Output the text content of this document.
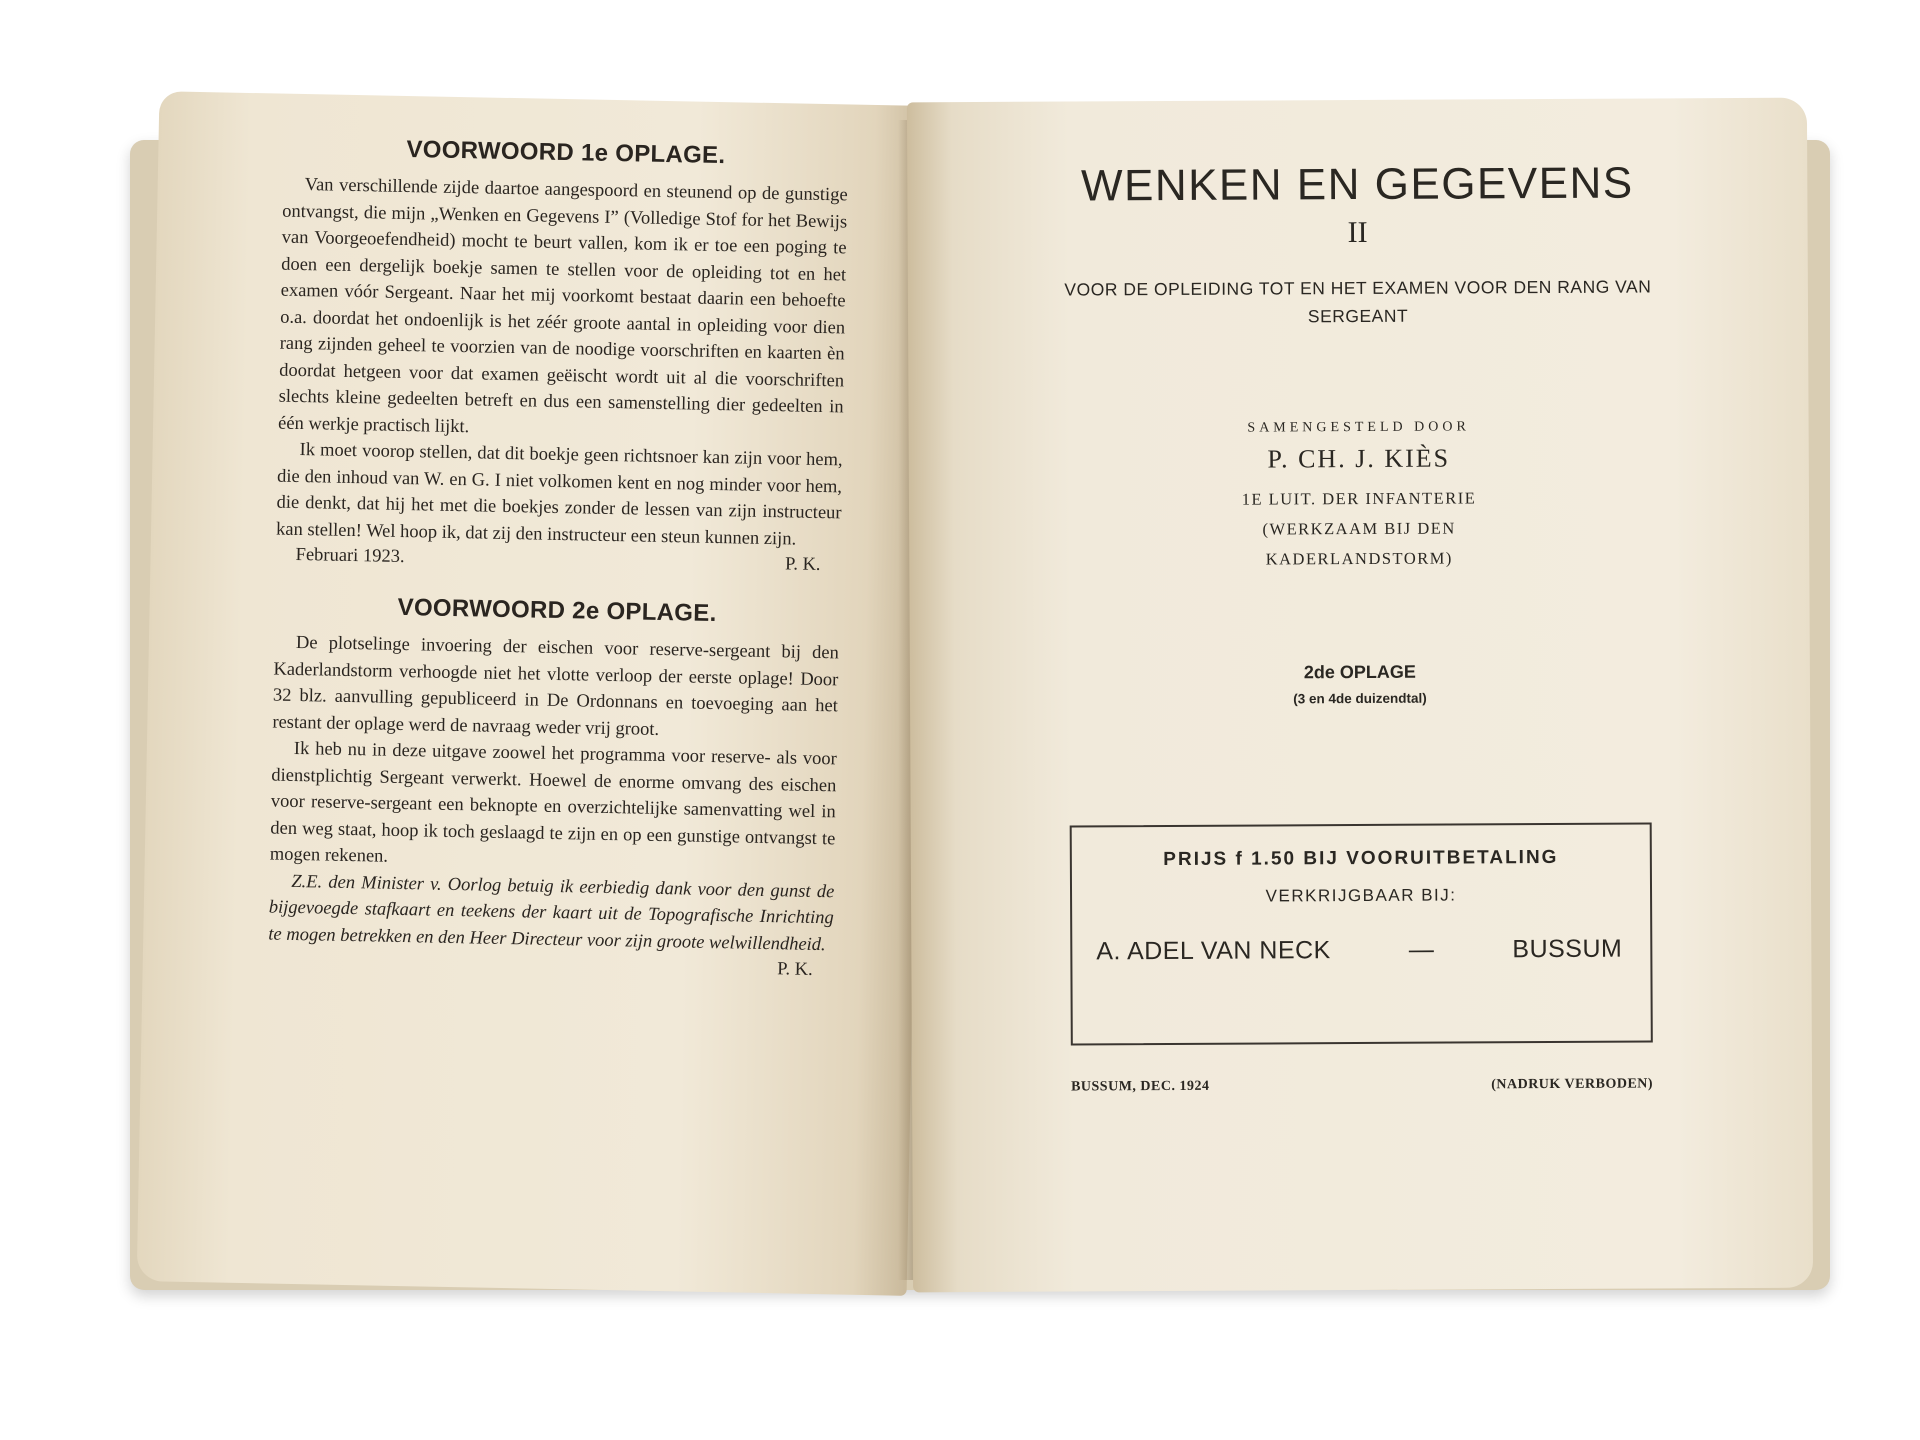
VOORWOORD 1e OPLAGE.

Van verschillende zijde daartoe aangespoord en steunend op de gunstige ontvangst, die mijn „Wenken en Gegevens I” (Volledige Stof for het Bewijs van Voorgeoefendheid) mocht te beurt vallen, kom ik er toe een poging te doen een dergelijk boekje samen te stellen voor de opleiding tot en het examen vóór Sergeant. Naar het mij voorkomt bestaat daarin een behoefte o.a. doordat het ondoenlijk is het zéér groote aantal in opleiding voor dien rang zijnden geheel te voorzien van de noodige voorschriften en kaarten èn doordat hetgeen voor dat examen geëischt wordt uit al die voorschriften slechts kleine gedeelten betreft en dus een samenstelling dier gedeelten in één werkje practisch lijkt.

Ik moet voorop stellen, dat dit boekje geen richtsnoer kan zijn voor hem, die den inhoud van W. en G. I niet volkomen kent en nog minder voor hem, die denkt, dat hij het met die boekjes zonder de lessen van zijn instructeur kan stellen! Wel hoop ik, dat zij den instructeur een steun kunnen zijn.

Februari 1923.	P. K.
VOORWOORD 2e OPLAGE.

De plotselinge invoering der eischen voor reserve-sergeant bij den Kaderlandstorm verhoogde niet het vlotte verloop der eerste oplage! Door 32 blz. aanvulling gepubliceerd in De Ordonnans en toevoeging aan het restant der oplage werd de navraag weder vrij groot.

Ik heb nu in deze uitgave zoowel het programma voor reserve- als voor dienstplichtig Sergeant verwerkt. Hoewel de enorme omvang des eischen voor reserve-sergeant een beknopte en overzichtelijke samenvatting wel in den weg staat, hoop ik toch geslaagd te zijn en op een gunstige ontvangst te mogen rekenen.

Z.E. den Minister v. Oorlog betuig ik eerbiedig dank voor den gunst de bijgevoegde stafkaart en teekens der kaart uit de Topografische Inrichting te mogen betrekken en den Heer Directeur voor zijn groote welwillendheid.

P. K.
WENKEN EN GEGEVENS
II
VOOR DE OPLEIDING TOT EN HET EXAMEN VOOR DEN RANG VAN SERGEANT
SAMENGESTELD DOOR
P. CH. J. KIÈS
1E LUIT. DER INFANTERIE
(WERKZAAM BIJ DEN
KADERLANDSTORM)
2de OPLAGE
(3 en 4de duizendtal)
PRIJS f 1.50 BIJ VOORUITBETALING
VERKRIJGBAAR BIJ:
A. ADEL VAN NECK	—	BUSSUM
BUSSUM, DEC. 1924	(NADRUK VERBODEN)
